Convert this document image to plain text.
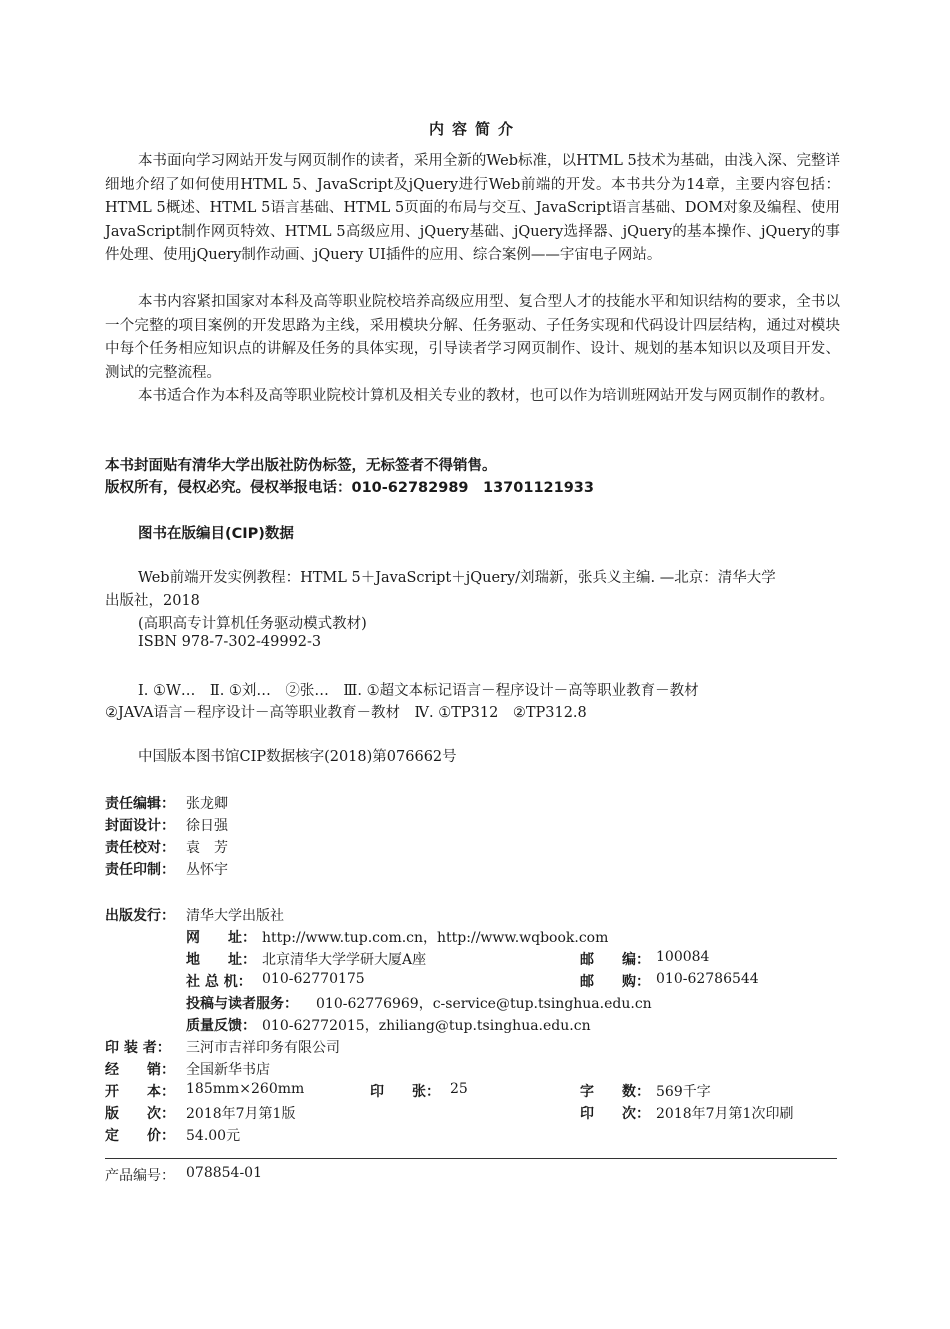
内容简介
本书面向学习网站开发与网页制作的读者，采用全新的Web标准，以HTML 5技术为基础，由浅入深、完整详细地介绍了如何使用HTML 5、JavaScript及jQuery进行Web前端的开发。本书共分为14章，主要内容包括：HTML 5概述、HTML 5语言基础、HTML 5页面的布局与交互、JavaScript语言基础、DOM对象及编程、使用JavaScript制作网页特效、HTML 5高级应用、jQuery基础、jQuery选择器、jQuery的基本操作、jQuery的事件处理、使用jQuery制作动画、jQuery UI插件的应用、综合案例——宇宙电子网站。
本书内容紧扣国家对本科及高等职业院校培养高级应用型、复合型人才的技能水平和知识结构的要求，全书以一个完整的项目案例的开发思路为主线，采用模块分解、任务驱动、子任务实现和代码设计四层结构，通过对模块中每个任务相应知识点的讲解及任务的具体实现，引导读者学习网页制作、设计、规划的基本知识以及项目开发、测试的完整流程。
本书适合作为本科及高等职业院校计算机及相关专业的教材，也可以作为培训班网站开发与网页制作的教材。
本书封面贴有清华大学出版社防伪标签，无标签者不得销售。
版权所有，侵权必究。侵权举报电话：010-62782989　13701121933
图书在版编目(CIP)数据
Web前端开发实例教程：HTML 5＋JavaScript＋jQuery/刘瑞新，张兵义主编. —北京：清华大学
出版社，2018
(高职高专计算机任务驱动模式教材)
ISBN 978-7-302-49992-3
Ⅰ. ①W…　Ⅱ. ①刘…　②张…　Ⅲ. ①超文本标记语言－程序设计－高等职业教育－教材
②JAVA语言－程序设计－高等职业教育－教材　Ⅳ. ①TP312　②TP312.8
中国版本图书馆CIP数据核字(2018)第076662号
责任编辑： 张龙卿
封面设计： 徐日强
责任校对： 袁　芳
责任印制： 丛怀宇
出版发行： 清华大学出版社
网　　址： http://www.tup.com.cn，http://www.wqbook.com
地　　址： 北京清华大学学研大厦A座	邮　　编： 100084
社 总 机： 010-62770175	邮　　购： 010-62786544
投稿与读者服务： 010-62776969，c-service@tup.tsinghua.edu.cn
质量反馈： 010-62772015，zhiliang@tup.tsinghua.edu.cn
印 装 者： 三河市吉祥印务有限公司
经　　销： 全国新华书店
开　　本： 185mm×260mm	印　　张： 25	字　　数： 569千字
版　　次： 2018年7月第1版	印　　次： 2018年7月第1次印刷
定　　价： 54.00元
产品编号： 078854-01
